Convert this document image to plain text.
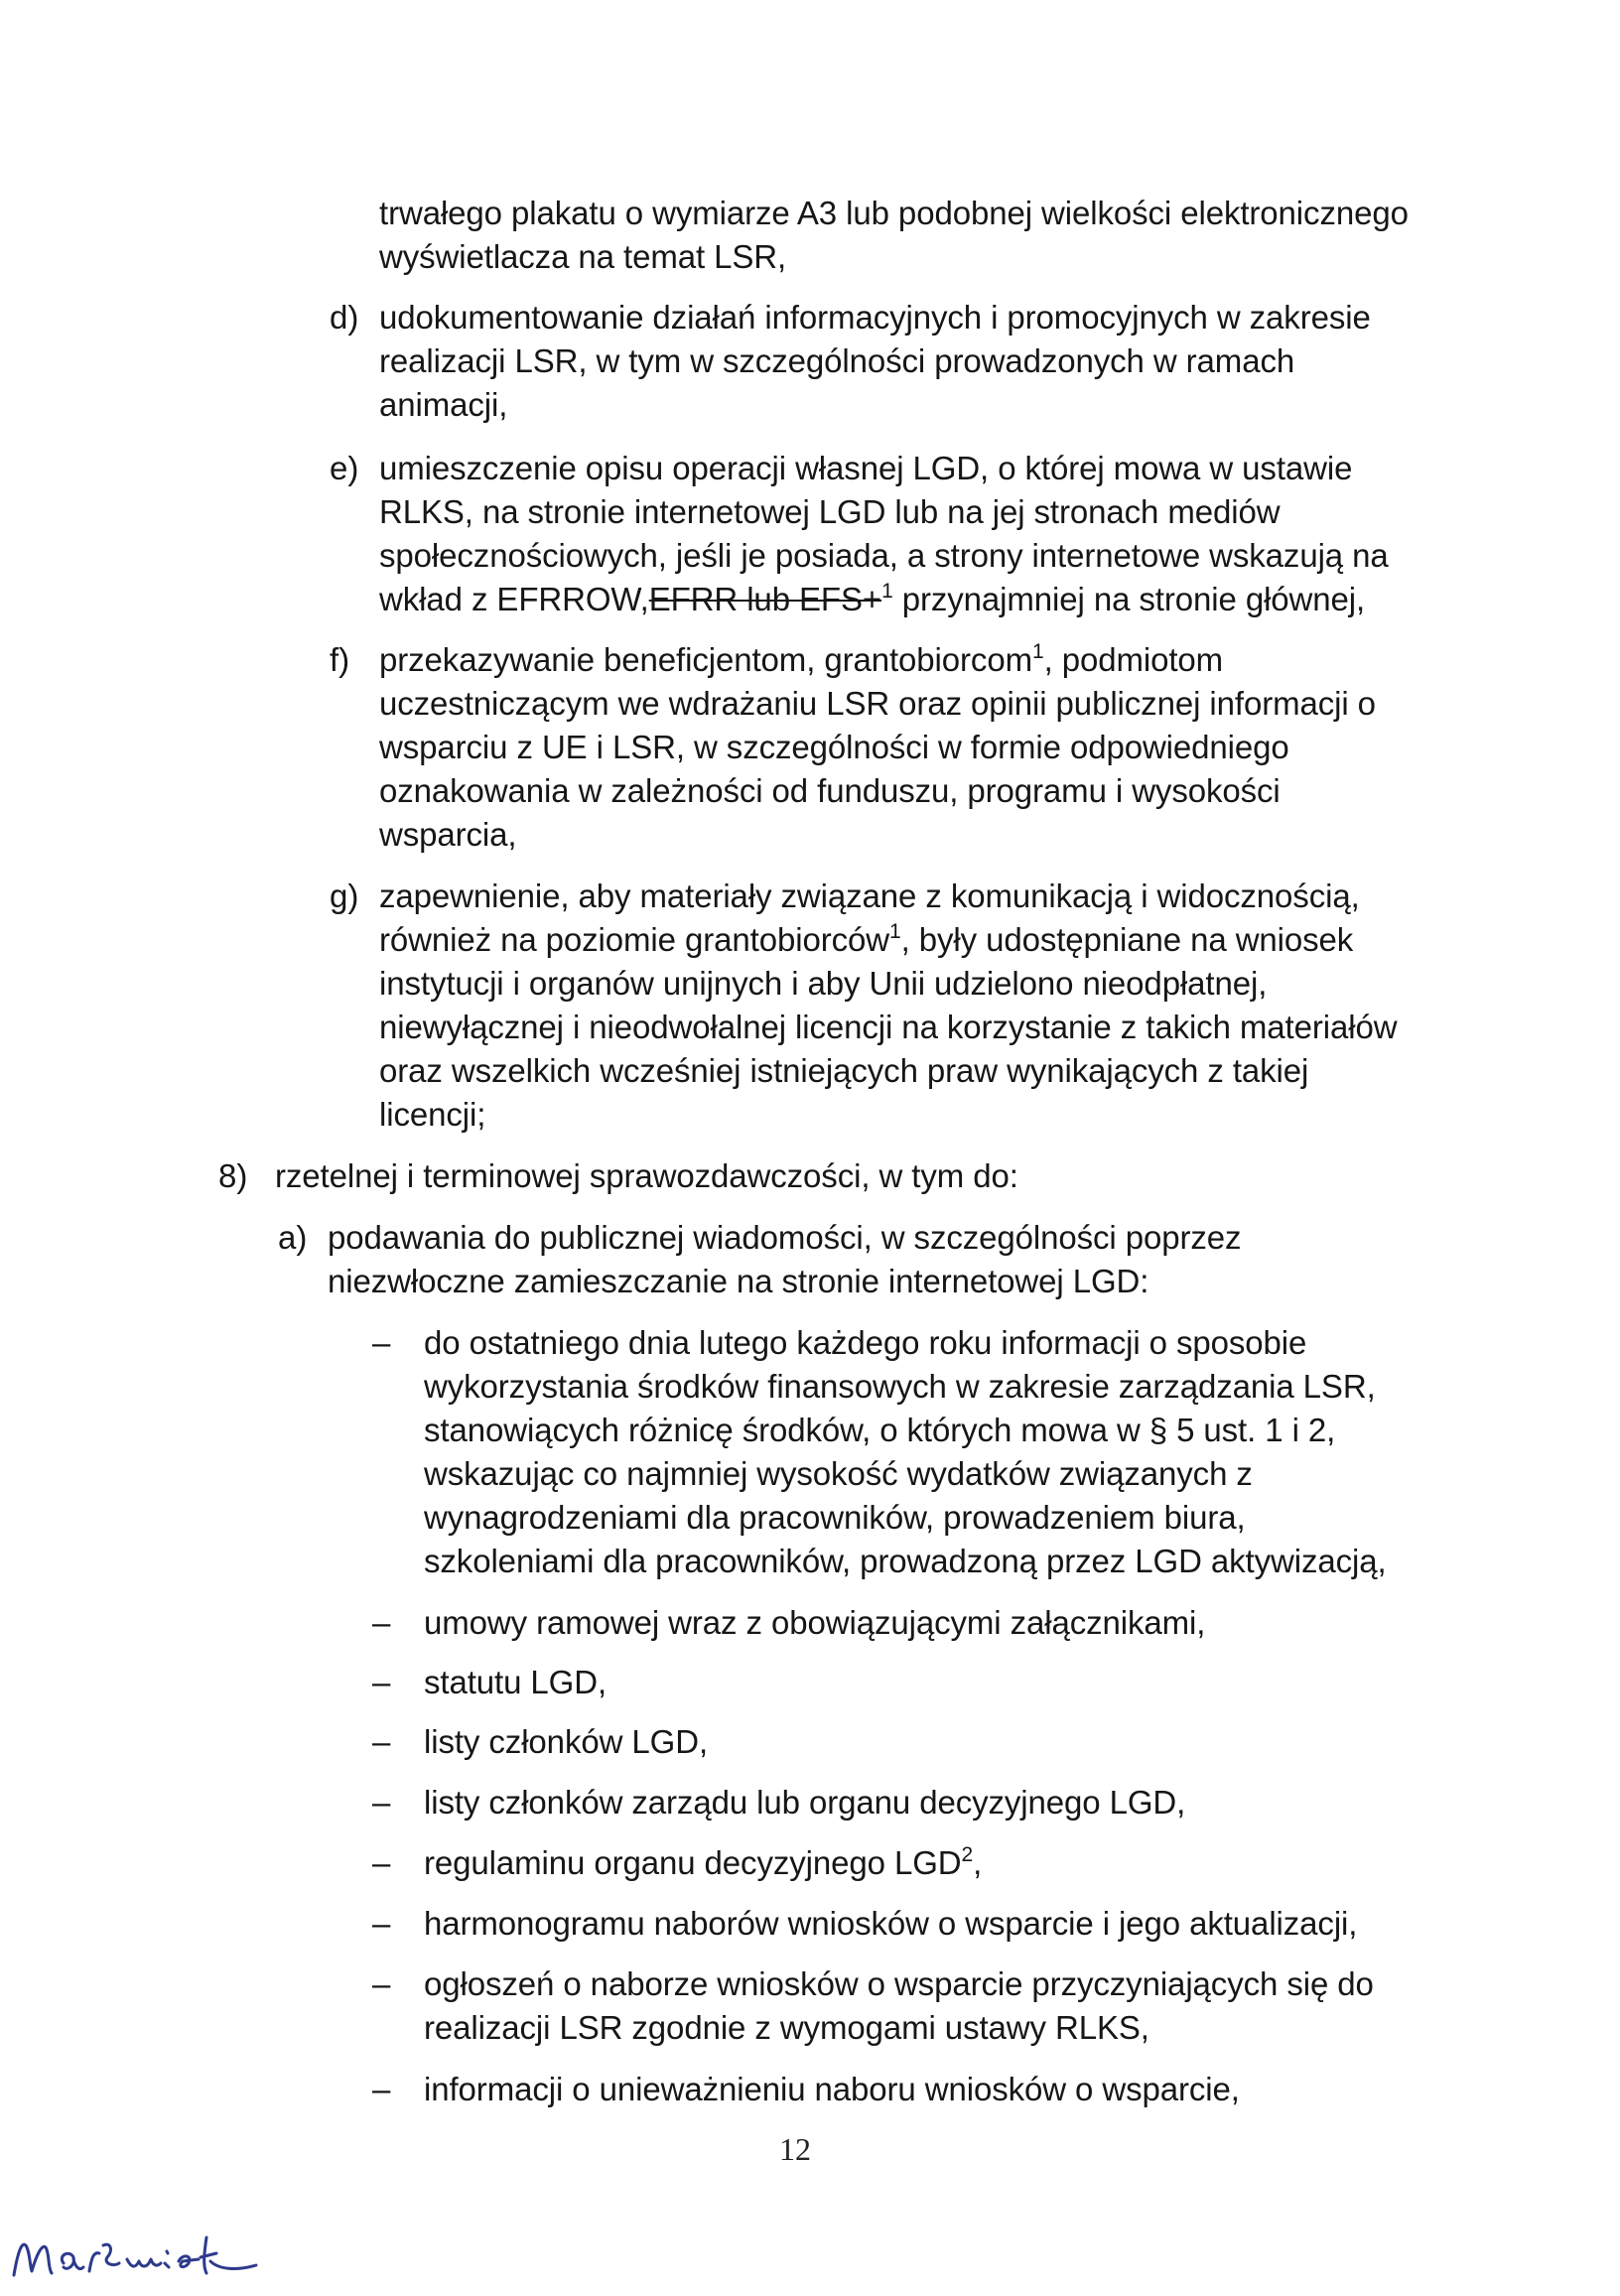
trwałego plakatu o wymiarze A3 lub podobnej wielkości elektronicznego
wyświetlacza na temat LSR,
d) udokumentowanie działań informacyjnych i promocyjnych w zakresie
realizacji LSR, w tym w szczególności prowadzonych w ramach
animacji,
e) umieszczenie opisu operacji własnej LGD, o której mowa w ustawie
RLKS, na stronie internetowej LGD lub na jej stronach mediów
społecznościowych, jeśli je posiada, a strony internetowe wskazują na
wkład z EFRROW,EFRR lub EFS+$^1$ przynajmniej na stronie głównej,
f) przekazywanie beneficjentom, grantobiorcom$^1$, podmiotom
uczestniczącym we wdrażaniu LSR oraz opinii publicznej informacji o
wsparciu z UE i LSR, w szczególności w formie odpowiedniego
oznakowania w zależności od funduszu, programu i wysokości
wsparcia,
g) zapewnienie, aby materiały związane z komunikacją i widocznością,
również na poziomie grantobiorców$^1$, były udostępniane na wniosek
instytucji i organów unijnych i aby Unii udzielono nieodpłatnej,
niewyłącznej i nieodwołalnej licencji na korzystanie z takich materiałów
oraz wszelkich wcześniej istniejących praw wynikających z takiej
licencji;
8) rzetelnej i terminowej sprawozdawczości, w tym do:
a) podawania do publicznej wiadomości, w szczególności poprzez
niezwłoczne zamieszczanie na stronie internetowej LGD:
– do ostatniego dnia lutego każdego roku informacji o sposobie
wykorzystania środków finansowych w zakresie zarządzania LSR,
stanowiących różnicę środków, o których mowa w § 5 ust. 1 i 2,
wskazując co najmniej wysokość wydatków związanych z
wynagrodzeniami dla pracowników, prowadzeniem biura,
szkoleniami dla pracowników, prowadzoną przez LGD aktywizacją,
– umowy ramowej wraz z obowiązującymi załącznikami,
– statutu LGD,
– listy członków LGD,
– listy członków zarządu lub organu decyzyjnego LGD,
– regulaminu organu decyzyjnego LGD$^2$,
– harmonogramu naborów wniosków o wsparcie i jego aktualizacji,
– ogłoszeń o naborze wniosków o wsparcie przyczyniających się do
realizacji LSR zgodnie z wymogami ustawy RLKS,
– informacji o unieważnieniu naboru wniosków o wsparcie,
12
